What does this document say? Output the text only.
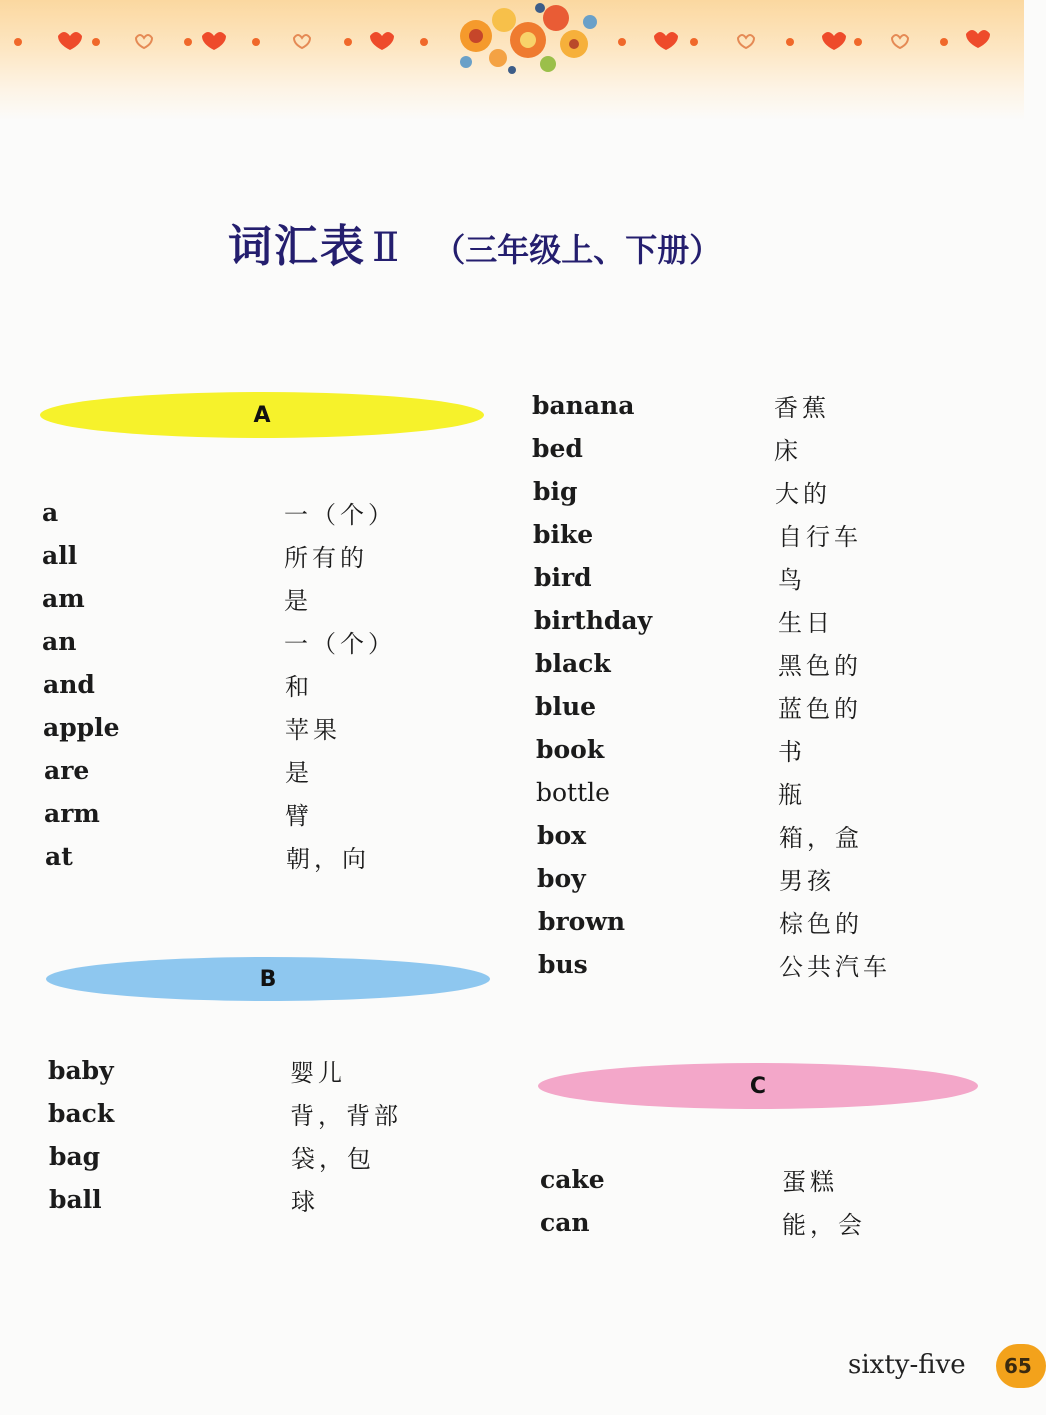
词汇表 Ⅱ （三年级上、下册）
A
a	一（个）
all	所有的
am	是
an	一（个）
and	和
apple	苹果
are	是
arm	臂
at	朝，向
B
baby	婴儿
back	背，背部
bag	袋，包
ball	球
banana	香蕉
bed	床
big	大的
bike	自行车
bird	鸟
birthday	生日
black	黑色的
blue	蓝色的
book	书
bottle	瓶
box	箱，盒
boy	男孩
brown	棕色的
bus	公共汽车
C
cake	蛋糕
can	能，会
sixty-five	65
